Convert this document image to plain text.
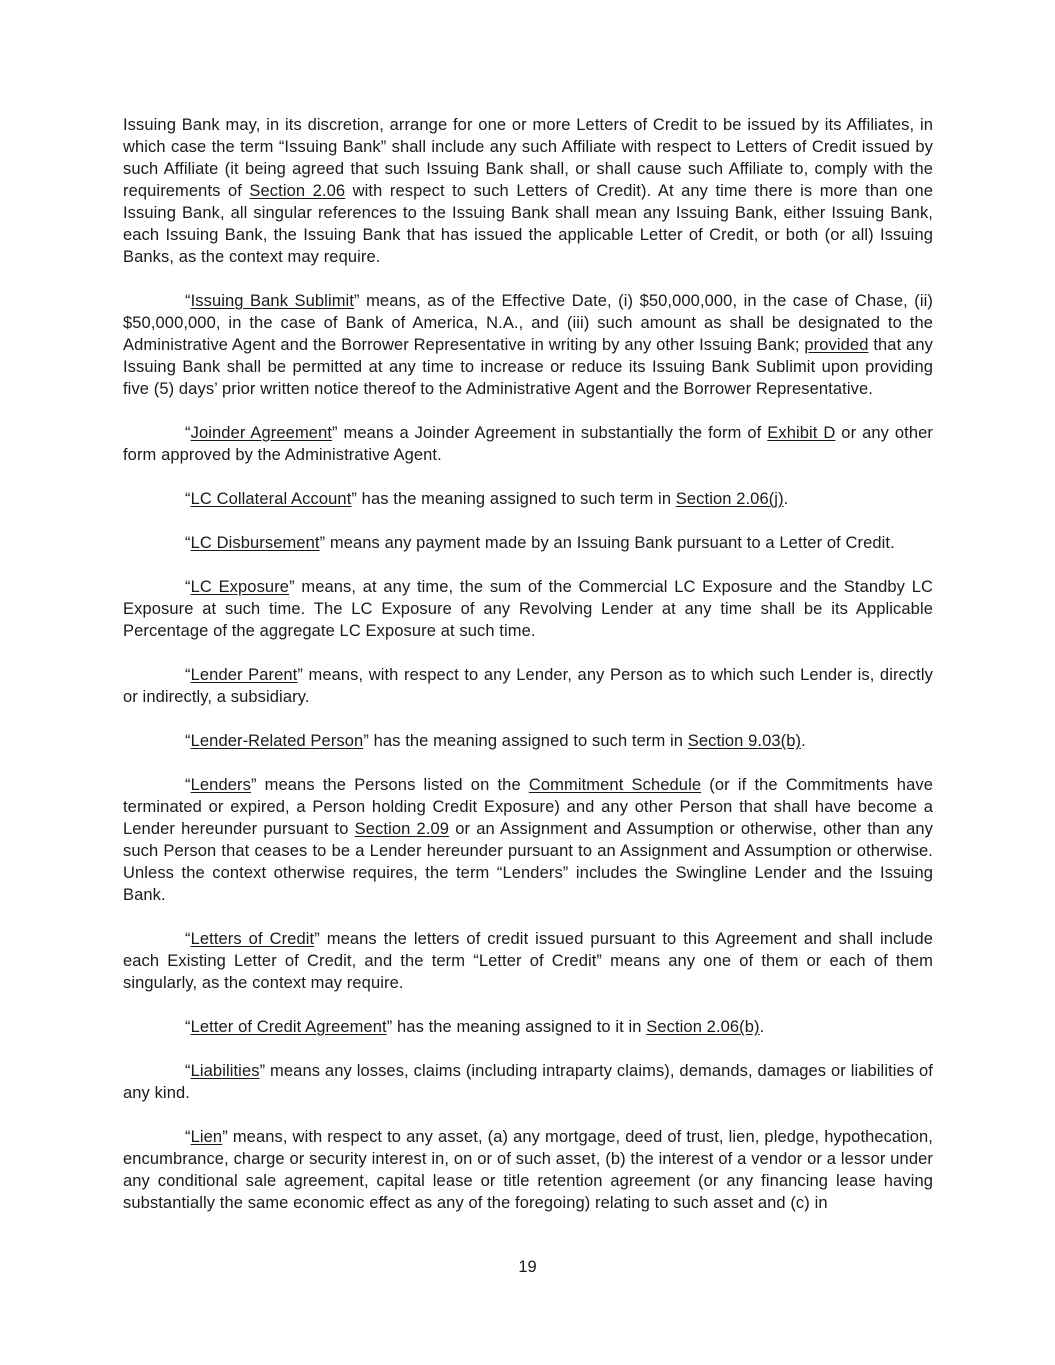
Issuing Bank may, in its discretion, arrange for one or more Letters of Credit to be issued by its Affiliates, in which case the term “Issuing Bank” shall include any such Affiliate with respect to Letters of Credit issued by such Affiliate (it being agreed that such Issuing Bank shall, or shall cause such Affiliate to, comply with the requirements of Section 2.06 with respect to such Letters of Credit). At any time there is more than one Issuing Bank, all singular references to the Issuing Bank shall mean any Issuing Bank, either Issuing Bank, each Issuing Bank, the Issuing Bank that has issued the applicable Letter of Credit, or both (or all) Issuing Banks, as the context may require.

“Issuing Bank Sublimit” means, as of the Effective Date, (i) $50,000,000, in the case of Chase, (ii) $50,000,000, in the case of Bank of America, N.A., and (iii) such amount as shall be designated to the Administrative Agent and the Borrower Representative in writing by any other Issuing Bank; provided that any Issuing Bank shall be permitted at any time to increase or reduce its Issuing Bank Sublimit upon providing five (5) days’ prior written notice thereof to the Administrative Agent and the Borrower Representative.

“Joinder Agreement” means a Joinder Agreement in substantially the form of Exhibit D or any other form approved by the Administrative Agent.

“LC Collateral Account” has the meaning assigned to such term in Section 2.06(j).

“LC Disbursement” means any payment made by an Issuing Bank pursuant to a Letter of Credit.

“LC Exposure” means, at any time, the sum of the Commercial LC Exposure and the Standby LC Exposure at such time. The LC Exposure of any Revolving Lender at any time shall be its Applicable Percentage of the aggregate LC Exposure at such time.

“Lender Parent” means, with respect to any Lender, any Person as to which such Lender is, directly or indirectly, a subsidiary.

“Lender-Related Person” has the meaning assigned to such term in Section 9.03(b).

“Lenders” means the Persons listed on the Commitment Schedule (or if the Commitments have terminated or expired, a Person holding Credit Exposure) and any other Person that shall have become a Lender hereunder pursuant to Section 2.09 or an Assignment and Assumption or otherwise, other than any such Person that ceases to be a Lender hereunder pursuant to an Assignment and Assumption or otherwise. Unless the context otherwise requires, the term “Lenders” includes the Swingline Lender and the Issuing Bank.

“Letters of Credit” means the letters of credit issued pursuant to this Agreement and shall include each Existing Letter of Credit, and the term “Letter of Credit” means any one of them or each of them singularly, as the context may require.

“Letter of Credit Agreement” has the meaning assigned to it in Section 2.06(b).

“Liabilities” means any losses, claims (including intraparty claims), demands, damages or liabilities of any kind.

“Lien” means, with respect to any asset, (a) any mortgage, deed of trust, lien, pledge, hypothecation, encumbrance, charge or security interest in, on or of such asset, (b) the interest of a vendor or a lessor under any conditional sale agreement, capital lease or title retention agreement (or any financing lease having substantially the same economic effect as any of the foregoing) relating to such asset and (c) in

19
